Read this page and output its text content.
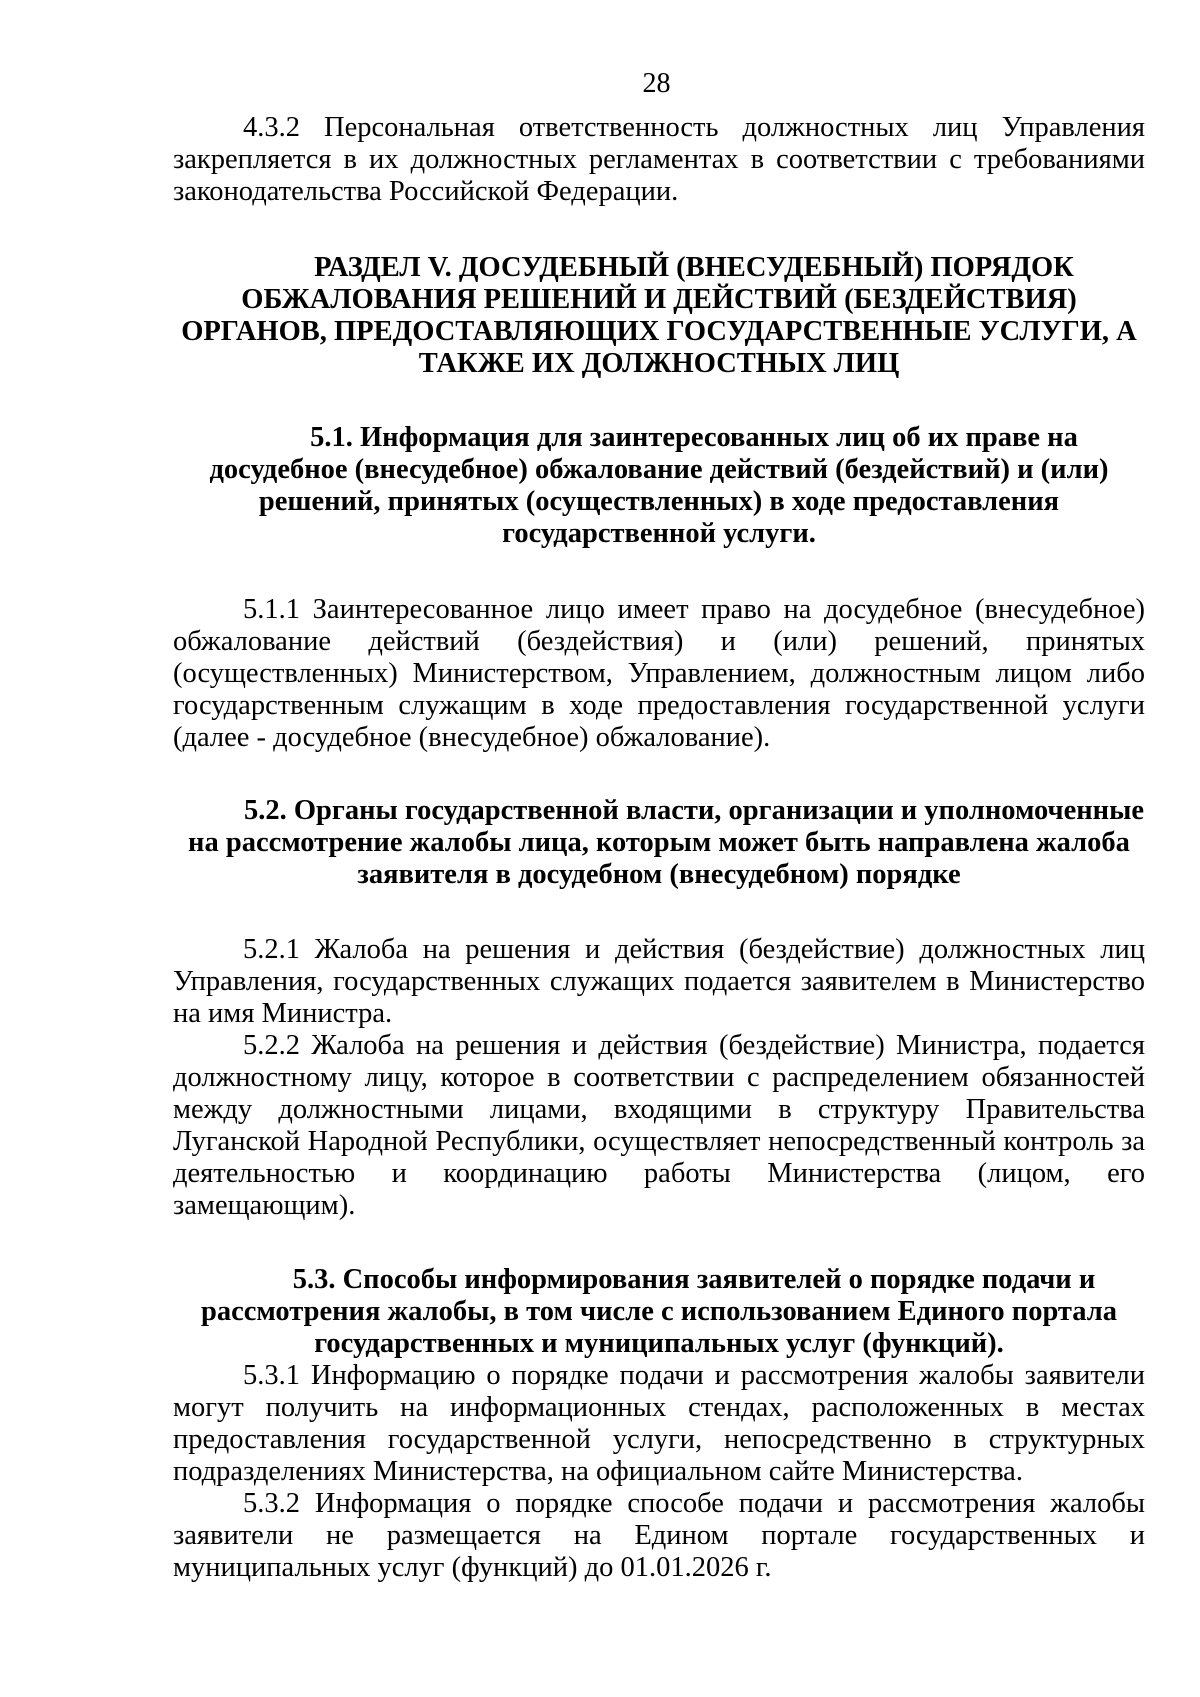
28

4.3.2 Персональная ответственность должностных лиц Управления закрепляется в их должностных регламентах в соответствии с требованиями законодательства Российской Федерации.

РАЗДЕЛ V. ДОСУДЕБНЫЙ (ВНЕСУДЕБНЫЙ) ПОРЯДОК ОБЖАЛОВАНИЯ РЕШЕНИЙ И ДЕЙСТВИЙ (БЕЗДЕЙСТВИЯ) ОРГАНОВ, ПРЕДОСТАВЛЯЮЩИХ ГОСУДАРСТВЕННЫЕ УСЛУГИ, А ТАКЖЕ ИХ ДОЛЖНОСТНЫХ ЛИЦ
5.1. Информация для заинтересованных лиц об их праве на досудебное (внесудебное) обжалование действий (бездействий) и (или) решений, принятых (осуществленных) в ходе предоставления государственной услуги.

5.1.1 Заинтересованное лицо имеет право на досудебное (внесудебное) обжалование действий (бездействия) и (или) решений, принятых (осуществленных) Министерством, Управлением, должностным лицом либо государственным служащим в ходе предоставления государственной услуги (далее - досудебное (внесудебное) обжалование).

5.2. Органы государственной власти, организации и уполномоченные на рассмотрение жалобы лица, которым может быть направлена жалоба заявителя в досудебном (внесудебном) порядке

5.2.1 Жалоба на решения и действия (бездействие) должностных лиц Управления, государственных служащих подается заявителем в Министерство на имя Министра.

5.2.2 Жалоба на решения и действия (бездействие) Министра, подается должностному лицу, которое в соответствии с распределением обязанностей между должностными лицами, входящими в структуру Правительства Луганской Народной Республики, осуществляет непосредственный контроль за деятельностью и координацию работы Министерства (лицом, его замещающим).

5.3. Способы информирования заявителей о порядке подачи и рассмотрения жалобы, в том числе с использованием Единого портала государственных и муниципальных услуг (функций).

5.3.1 Информацию о порядке подачи и рассмотрения жалобы заявители могут получить на информационных стендах, расположенных в местах предоставления государственной услуги, непосредственно в структурных подразделениях Министерства, на официальном сайте Министерства.

5.3.2 Информация о порядке способе подачи и рассмотрения жалобы заявители не размещается на Едином портале государственных и муниципальных услуг (функций) до 01.01.2026 г.
